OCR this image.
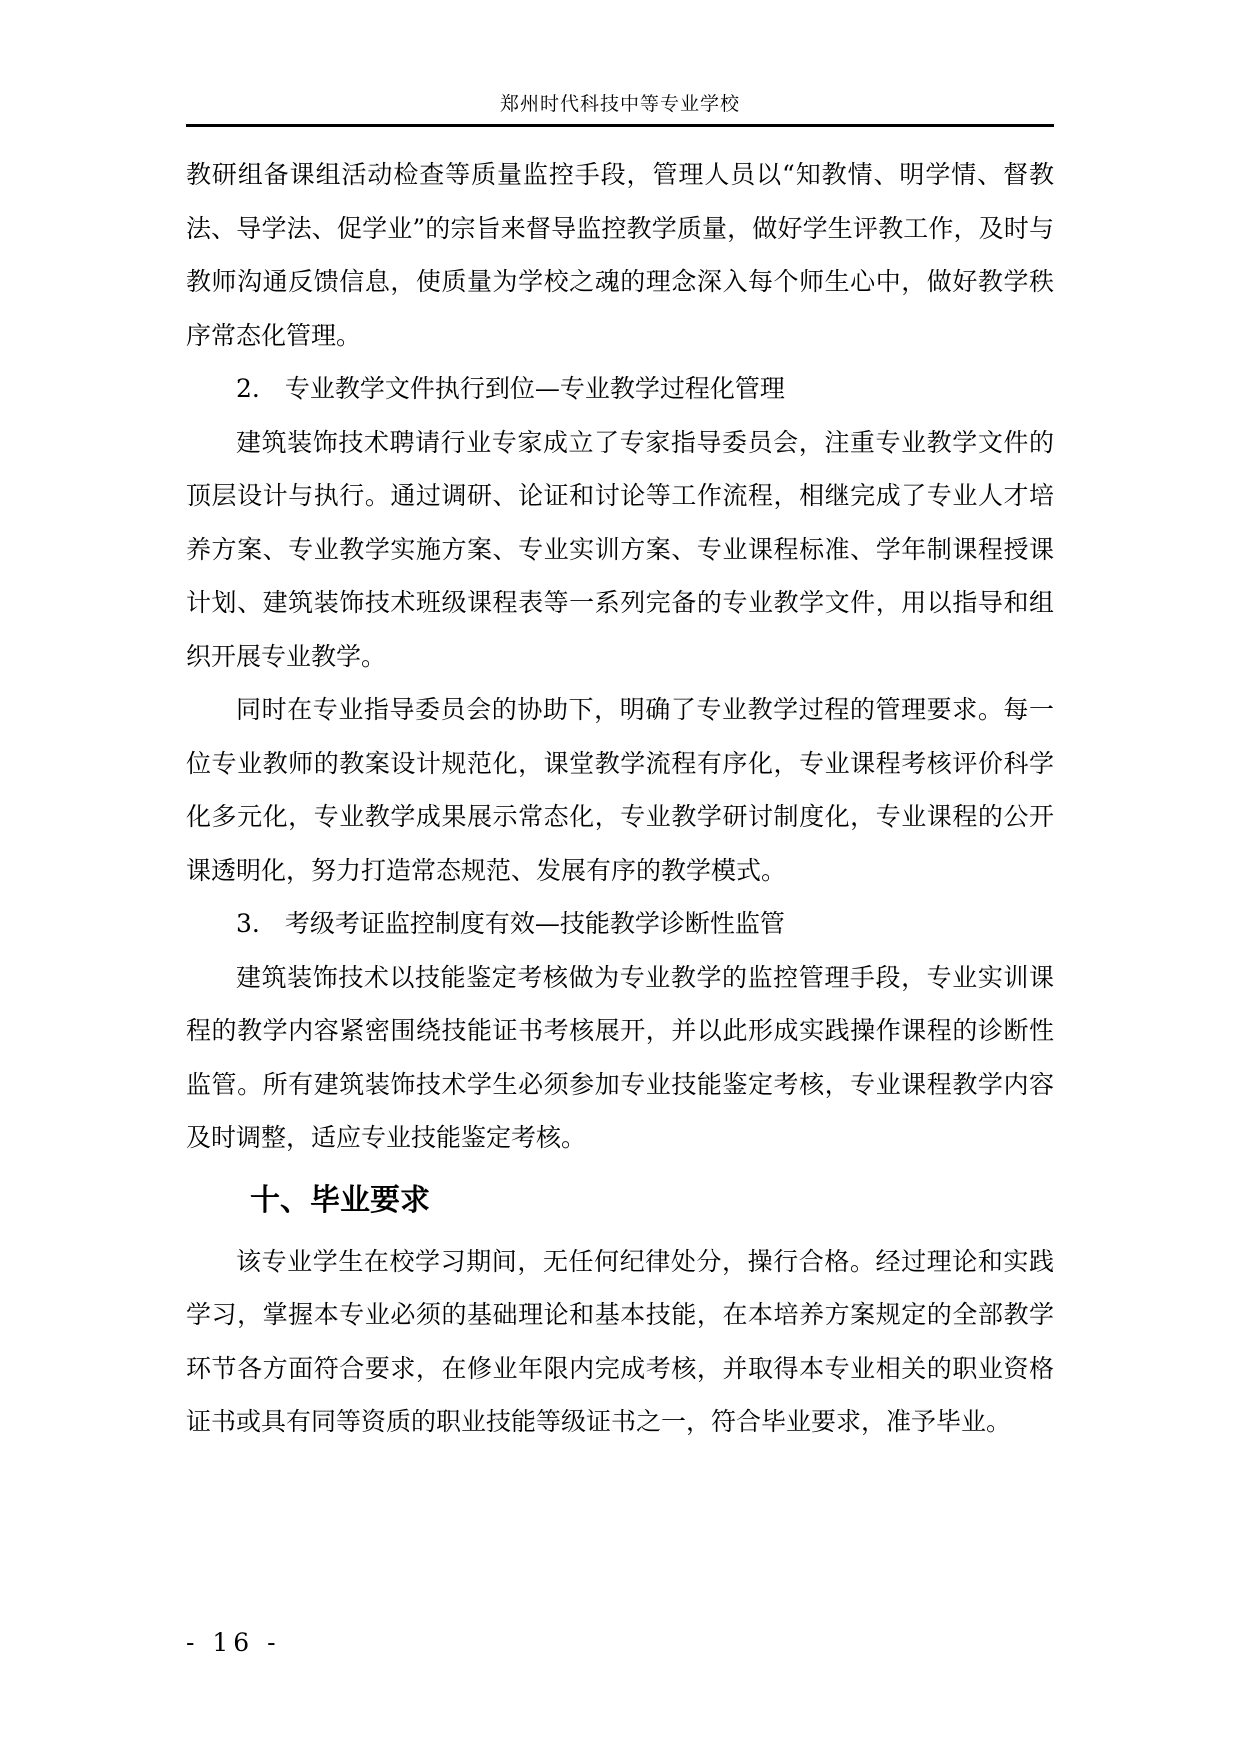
郑州时代科技中等专业学校

教研组备课组活动检查等质量监控手段，管理人员以“知教情、明学情、督教法、导学法、促学业”的宗旨来督导监控教学质量，做好学生评教工作，及时与教师沟通反馈信息，使质量为学校之魂的理念深入每个师生心中，做好教学秩序常态化管理。

2. 专业教学文件执行到位—专业教学过程化管理

建筑装饰技术聘请行业专家成立了专家指导委员会，注重专业教学文件的顶层设计与执行。通过调研、论证和讨论等工作流程，相继完成了专业人才培养方案、专业教学实施方案、专业实训方案、专业课程标准、学年制课程授课计划、建筑装饰技术班级课程表等一系列完备的专业教学文件，用以指导和组织开展专业教学。

同时在专业指导委员会的协助下，明确了专业教学过程的管理要求。每一位专业教师的教案设计规范化，课堂教学流程有序化，专业课程考核评价科学化多元化，专业教学成果展示常态化，专业教学研讨制度化，专业课程的公开课透明化，努力打造常态规范、发展有序的教学模式。

3. 考级考证监控制度有效—技能教学诊断性监管

建筑装饰技术以技能鉴定考核做为专业教学的监控管理手段，专业实训课程的教学内容紧密围绕技能证书考核展开，并以此形成实践操作课程的诊断性监管。所有建筑装饰技术学生必须参加专业技能鉴定考核，专业课程教学内容及时调整，适应专业技能鉴定考核。

十、毕业要求

该专业学生在校学习期间，无任何纪律处分，操行合格。经过理论和实践学习，掌握本专业必须的基础理论和基本技能，在本培养方案规定的全部教学环节各方面符合要求，在修业年限内完成考核，并取得本专业相关的职业资格证书或具有同等资质的职业技能等级证书之一，符合毕业要求，准予毕业。

- 16 -
